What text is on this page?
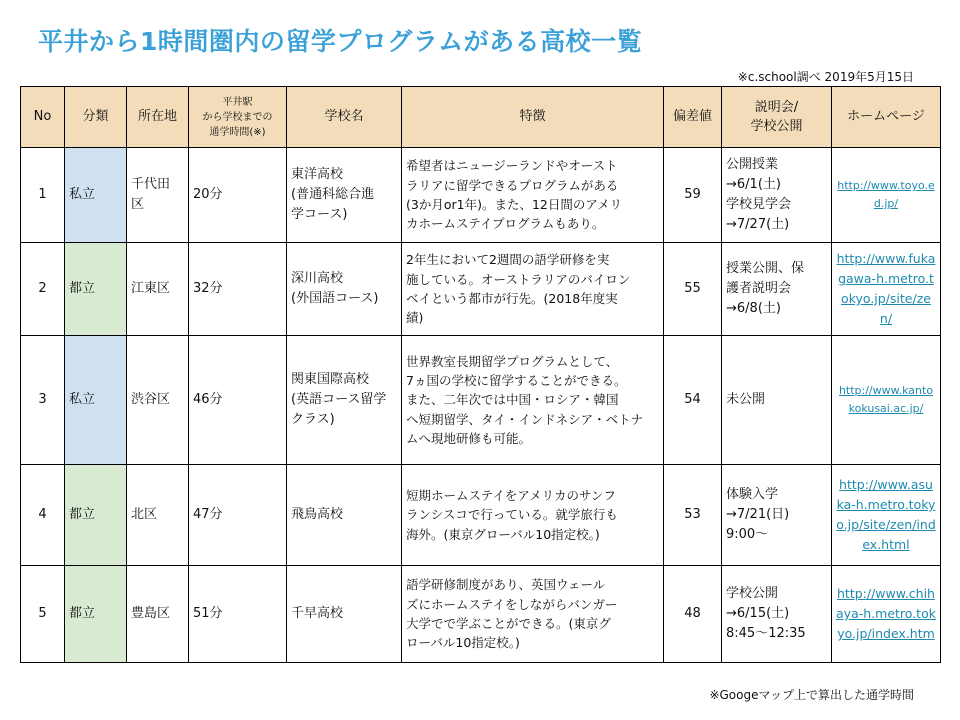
平井から1時間圏内の留学プログラムがある高校一覧
※c.school調べ 2019年5月15日
No	分類	所在地	平井駅
から学校までの
通学時間(※)	学校名	特徴	偏差値	説明会/
学校公開	ホームページ
1	私立	千代田
区	20分	東洋高校
(普通科総合進
学コース)	希望者はニュージーランドやオースト
ラリアに留学できるプログラムがある
(3か月or1年)。また、12日間のアメリ
カホームステイプログラムもあり。	59	公開授業
→6/1(土)
学校見学会
→7/27(土)	http://www.toyo.ed.jp/
2	都立	江東区	32分	深川高校
(外国語コース)	2年生において2週間の語学研修を実
施している。オーストラリアのバイロン
ベイという都市が行先。(2018年度実
績)	55	授業公開、保
護者説明会
→6/8(土)	http://www.fukagawa-h.metro.tokyo.jp/site/zen/
3	私立	渋谷区	46分	関東国際高校
(英語コース留学
クラス)	世界教室長期留学プログラムとして、
7ヵ国の学校に留学することができる。
また、二年次では中国・ロシア・韓国
へ短期留学、タイ・インドネシア・ベトナ
ムへ現地研修も可能。	54	未公開	http://www.kantokokusai.ac.jp/
4	都立	北区	47分	飛鳥高校	短期ホームステイをアメリカのサンフ
ランシスコで行っている。就学旅行も
海外。(東京グローバル10指定校。)	53	体験入学
→7/21(日)
9:00〜	http://www.asuka-h.metro.tokyo.jp/site/zen/index.html
5	都立	豊島区	51分	千早高校	語学研修制度があり、英国ウェール
ズにホームステイをしながらバンガー
大学でで学ぶことができる。(東京グ
ローバル10指定校。)	48	学校公開
→6/15(土)
8:45〜12:35	http://www.chihaya-h.metro.tokyo.jp/index.htm
※Googeマップ上で算出した通学時間
